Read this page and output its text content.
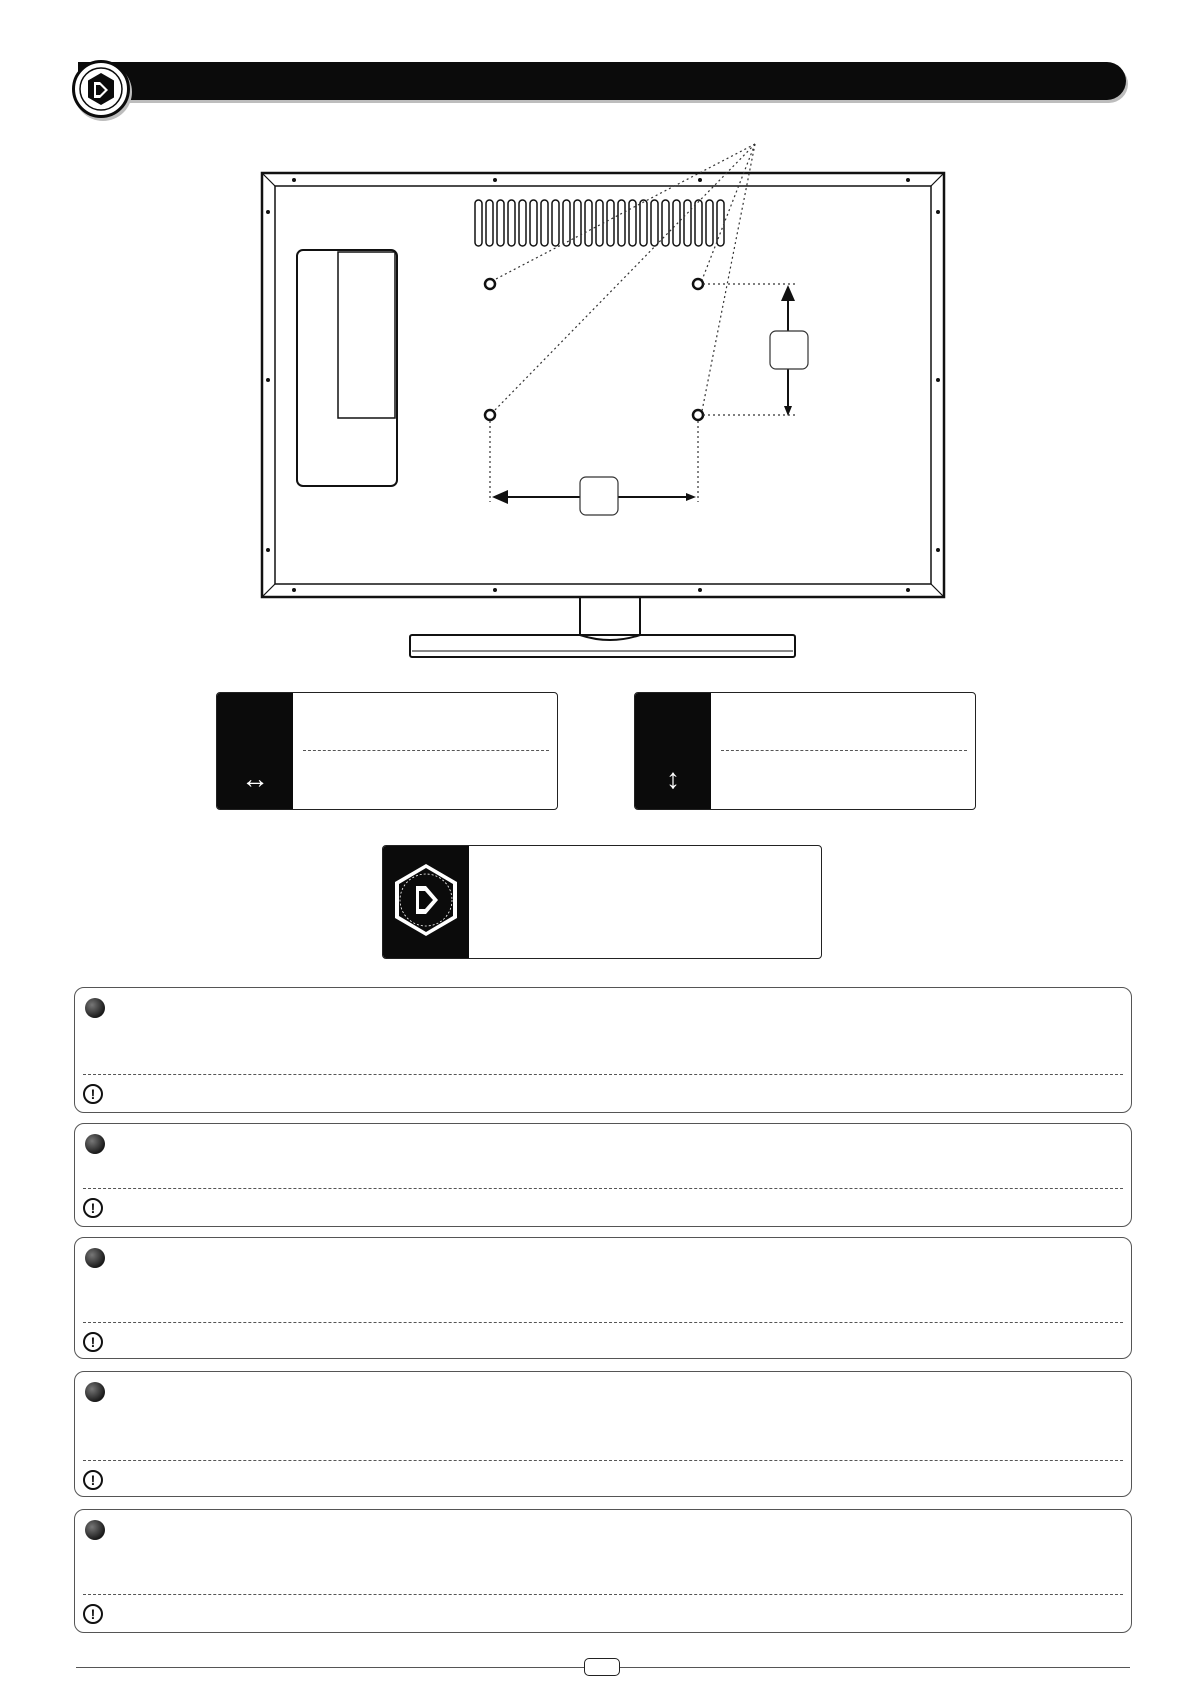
↔	↕
!
!
!
!
!
